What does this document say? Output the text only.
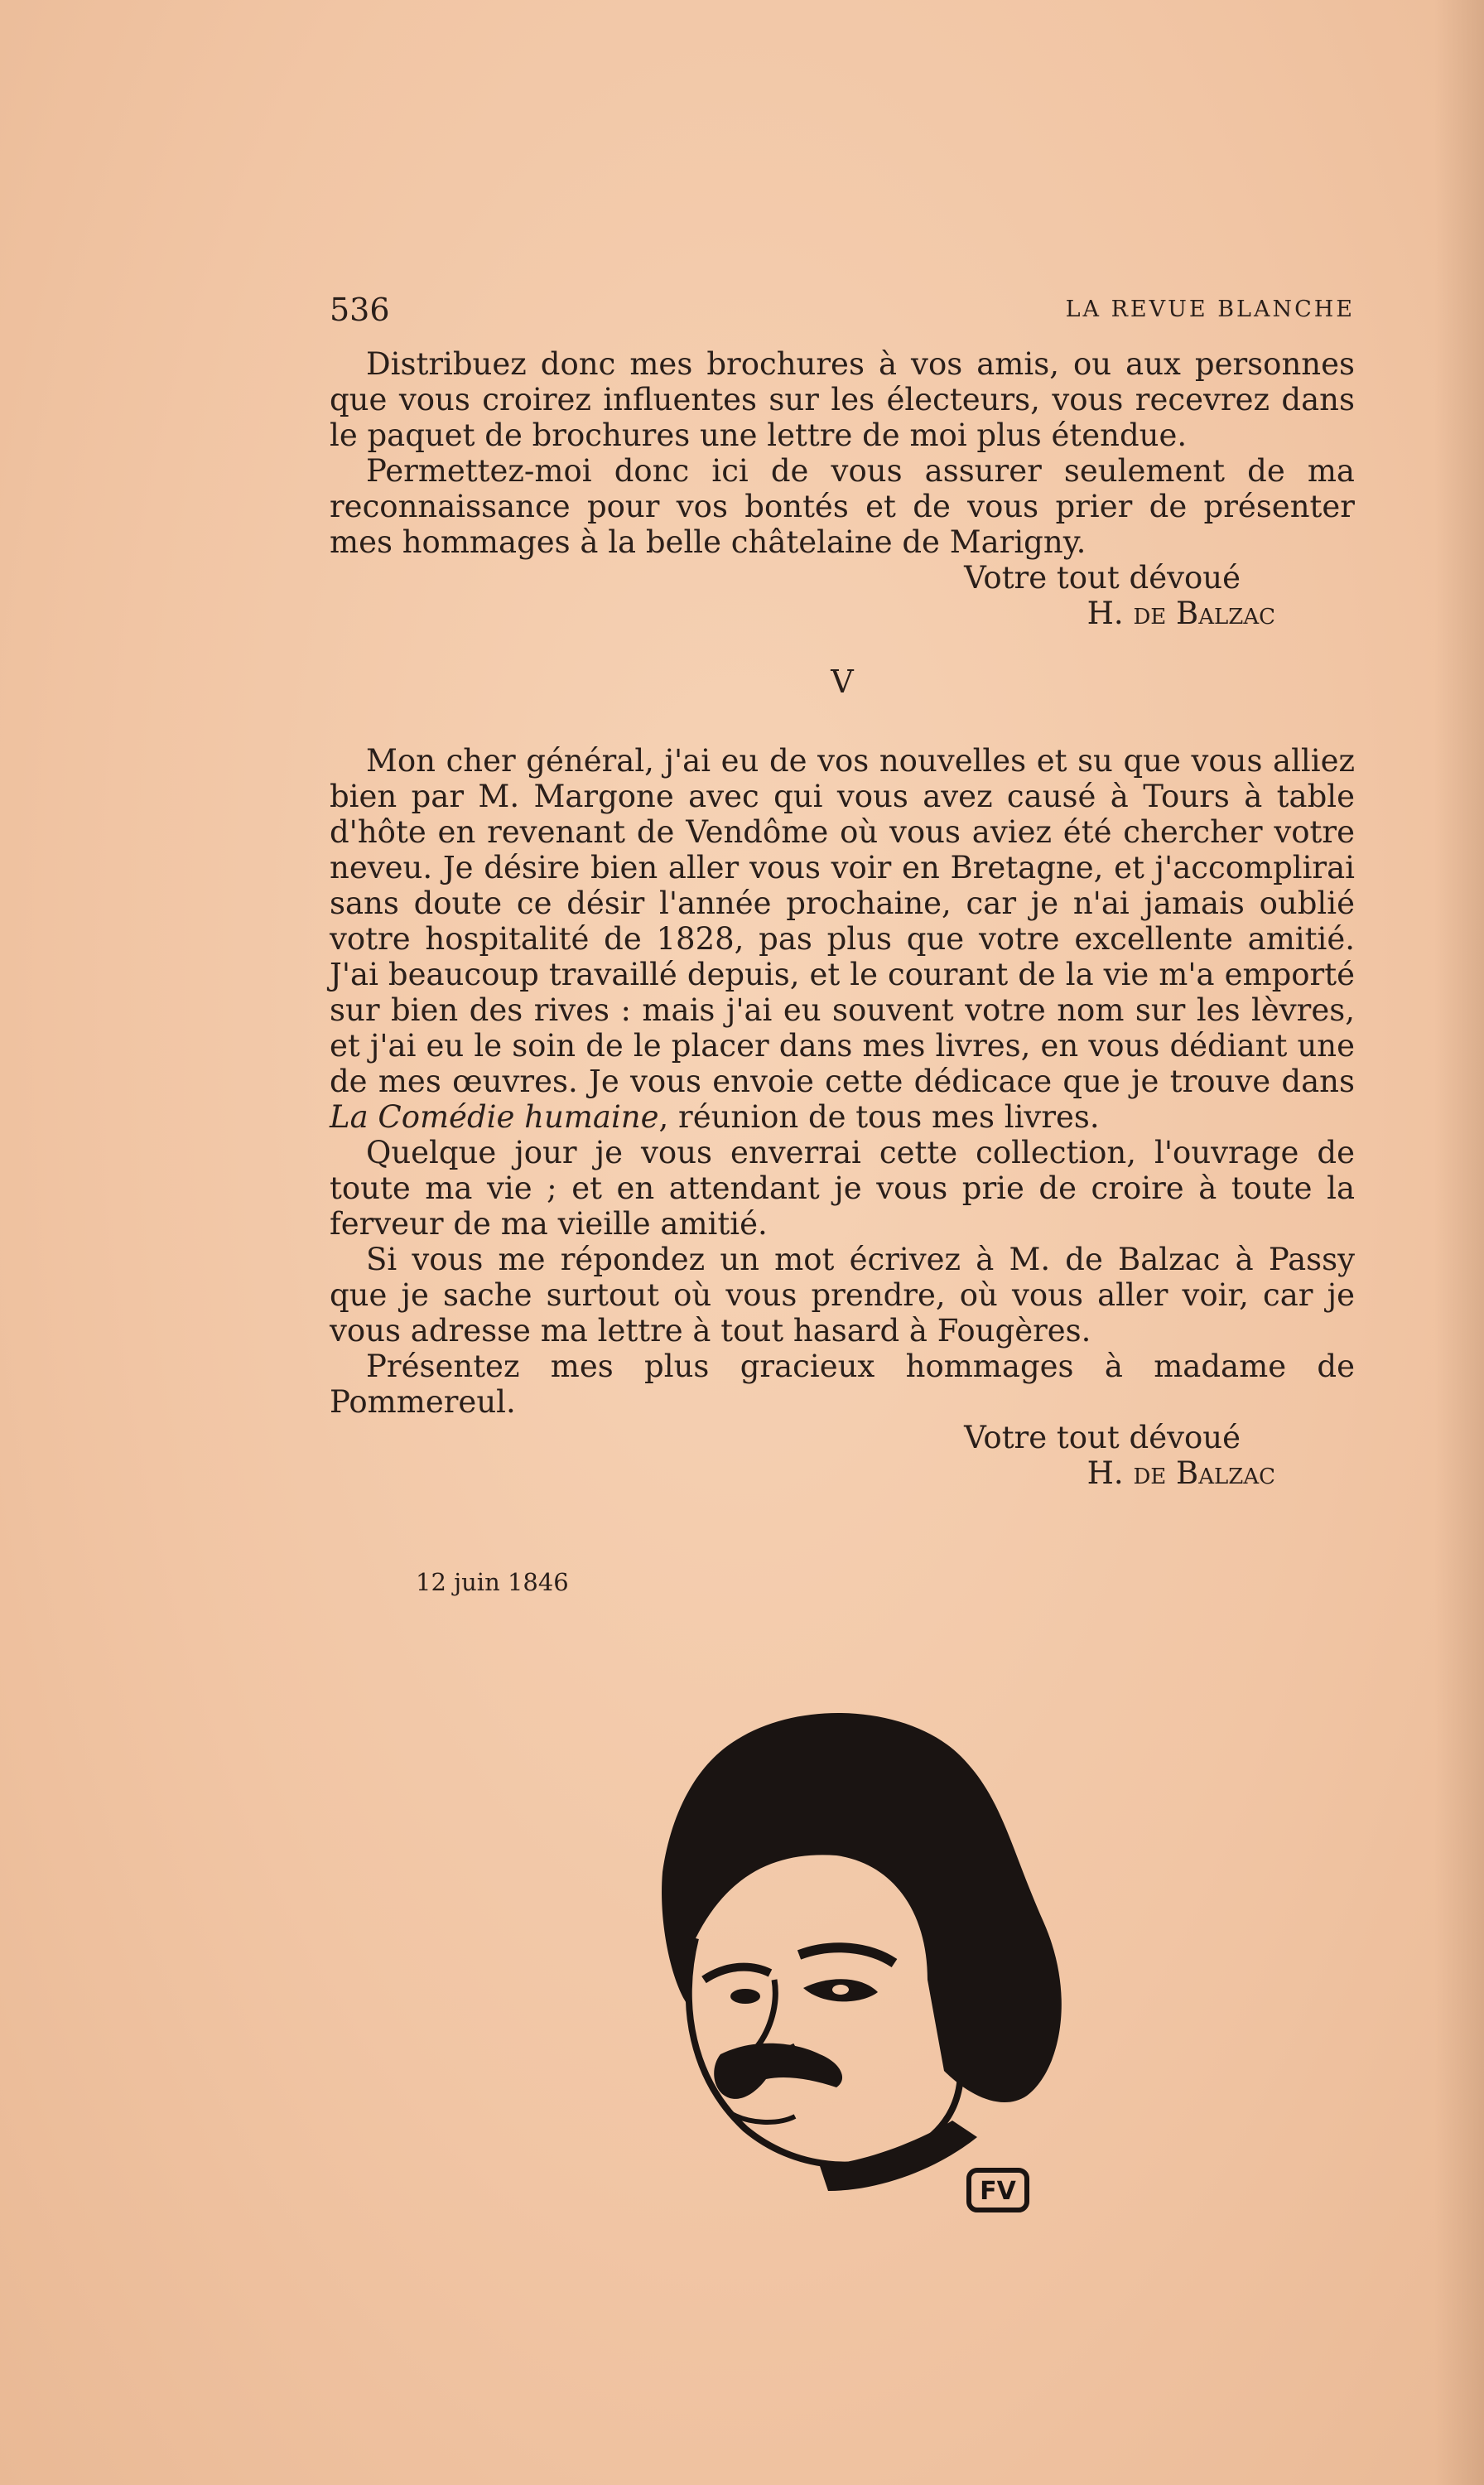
536	LA REVUE BLANCHE

Distribuez donc mes brochures à vos amis, ou aux personnes que vous croirez influentes sur les électeurs, vous recevrez dans le paquet de brochures une lettre de moi plus étendue.

Permettez-moi donc ici de vous assurer seulement de ma reconnaissance pour vos bontés et de vous prier de présenter mes hommages à la belle châtelaine de Marigny.

Votre tout dévoué

H. de Balzac

V

Mon cher général, j'ai eu de vos nouvelles et su que vous alliez bien par M. Margone avec qui vous avez causé à Tours à table d'hôte en revenant de Vendôme où vous aviez été chercher votre neveu. Je désire bien aller vous voir en Bretagne, et j'accomplirai sans doute ce désir l'année prochaine, car je n'ai jamais oublié votre hospitalité de 1828, pas plus que votre excellente amitié. J'ai beaucoup travaillé depuis, et le courant de la vie m'a emporté sur bien des rives : mais j'ai eu souvent votre nom sur les lèvres, et j'ai eu le soin de le placer dans mes livres, en vous dédiant une de mes œuvres. Je vous envoie cette dédicace que je trouve dans La Comédie humaine, réunion de tous mes livres.

Quelque jour je vous enverrai cette collection, l'ouvrage de toute ma vie ; et en attendant je vous prie de croire à toute la ferveur de ma vieille amitié.

Si vous me répondez un mot écrivez à M. de Balzac à Passy que je sache surtout où vous prendre, où vous aller voir, car je vous adresse ma lettre à tout hasard à Fougères.

Présentez mes plus gracieux hommages à madame de Pommereul.

Votre tout dévoué

H. de Balzac

12 juin 1846
FV
